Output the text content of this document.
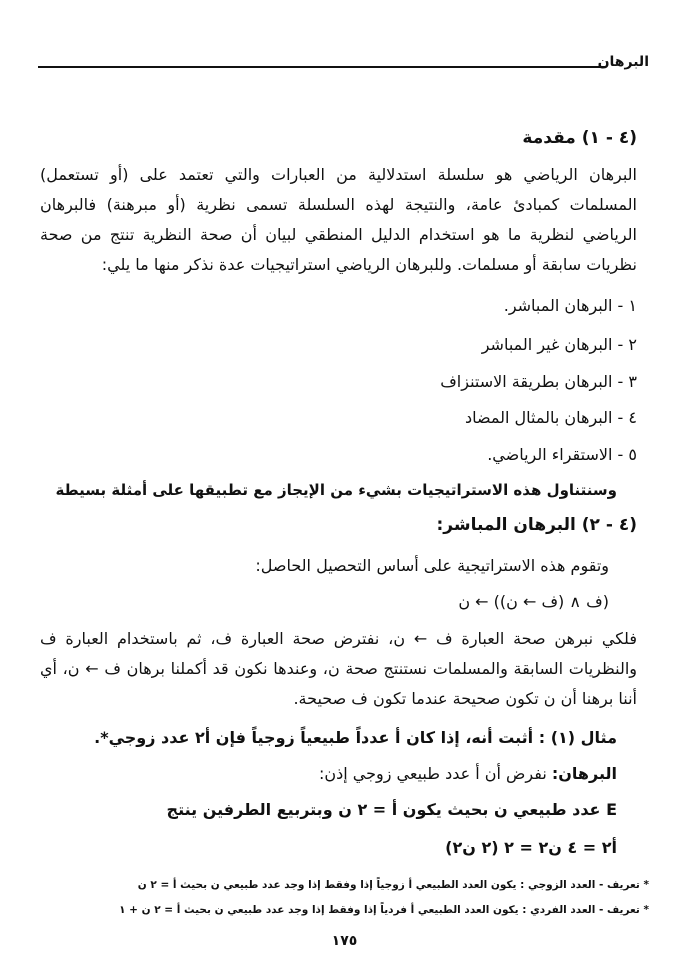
البرهان
(٤ - ١) مقدمة
البرهان الرياضي هو سلسلة استدلالية من العبارات والتي تعتمد على (أو تستعمل) المسلمات كمبادئ عامة، والنتيجة لهذه السلسلة تسمى نظرية (أو مبرهنة) فالبرهان الرياضي لنظرية ما هو استخدام الدليل المنطقي لبيان أن صحة النظرية تنتج من صحة نظريات سابقة أو مسلمات. وللبرهان الرياضي استراتيجيات عدة نذكر منها ما يلي:
١ - البرهان المباشر.
٢ - البرهان غير المباشر
٣ - البرهان بطريقة الاستنزاف
٤ - البرهان بالمثال المضاد
٥ - الاستقراء الرياضي.
وسنتناول هذه الاستراتيجيات بشيء من الإيجاز مع تطبيقها على أمثلة بسيطة
(٤ - ٢) البرهان المباشر:
وتقوم هذه الاستراتيجية على أساس التحصيل الحاصل:
(ف ∧ (ف ← ن)) ← ن
فلكي نبرهن صحة العبارة ف ← ن، نفترض صحة العبارة ف، ثم باستخدام العبارة ف والنظريات السابقة والمسلمات نستنتج صحة ن، وعندها نكون قد أكملنا برهان ف ← ن، أي أننا برهنا أن ن تكون صحيحة عندما تكون ف صحيحة.
مثال (١) : أثبت أنه، إذا كان أ عدداً طبيعياً زوجياً فإن أ٢ عدد زوجي*.
البرهان: نفرض أن أ عدد طبيعي زوجي إذن:
E عدد طبيعي ن بحيث يكون أ = ٢ ن وبتربيع الطرفين ينتج
أ٢ = ٤ ن٢ = ٢ (٢ ن٢)
* تعريف - العدد الزوجي : يكون العدد الطبيعي أ زوجياً إذا وفقط إذا وجد عدد طبيعي ن بحيث أ = ٢ ن
* تعريف - العدد الفردي : يكون العدد الطبيعي أ فردياً إذا وفقط إذا وجد عدد طبيعي ن بحيث أ = ٢ ن + ١
١٧٥
